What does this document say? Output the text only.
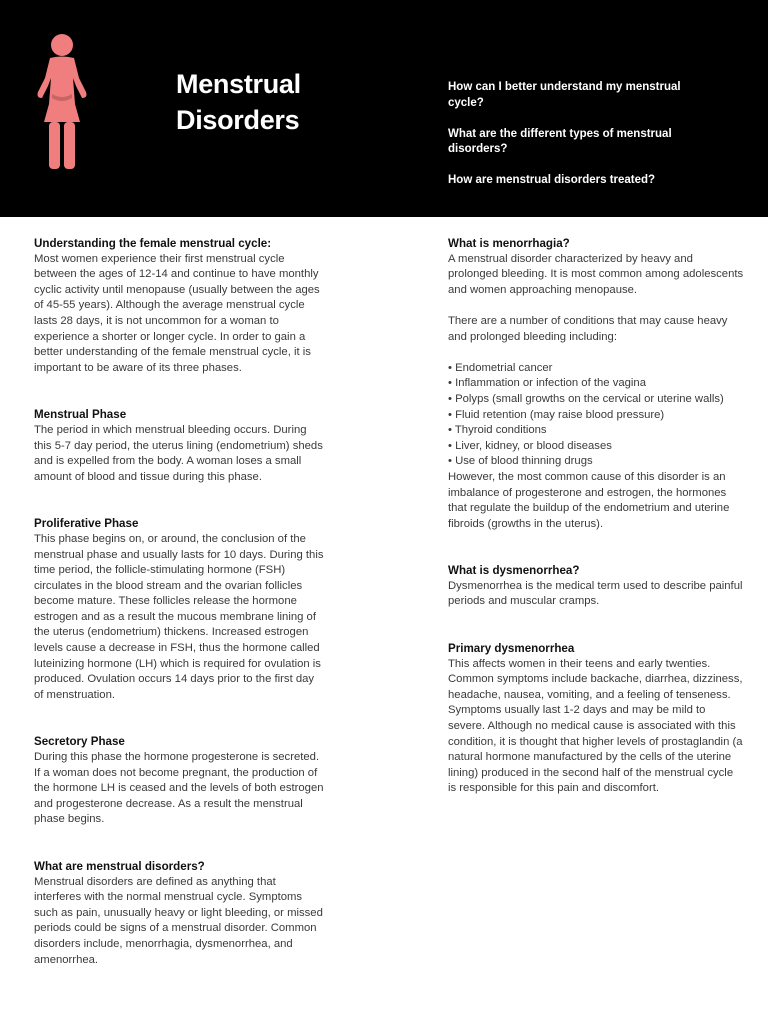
Menstrual
Disorders

How can I better understand my menstrual cycle?

What are the different types of menstrual disorders?

How are menstrual disorders treated?

Understanding the female menstrual cycle:

Most women experience their first menstrual cycle between the ages of 12-14 and continue to have monthly cyclic activity until menopause (usually between the ages of 45-55 years). Although the average menstrual cycle lasts 28 days, it is not uncommon for a woman to experience a shorter or longer cycle. In order to gain a better understanding of the female menstrual cycle, it is important to be aware of its three phases.

Menstrual Phase

The period in which menstrual bleeding occurs. During this 5-7 day period, the uterus lining (endometrium) sheds and is expelled from the body. A woman loses a small amount of blood and tissue during this phase.

Proliferative Phase

This phase begins on, or around, the conclusion of the menstrual phase and usually lasts for 10 days. During this time period, the follicle-stimulating hormone (FSH) circulates in the blood stream and the ovarian follicles become mature. These follicles release the hormone estrogen and as a result the mucous membrane lining of the uterus (endometrium) thickens. Increased estrogen levels cause a decrease in FSH, thus the hormone called luteinizing hormone (LH) which is required for ovulation is produced. Ovulation occurs 14 days prior to the first day of menstruation.

Secretory Phase

During this phase the hormone progesterone is secreted. If a woman does not become pregnant, the production of the hormone LH is ceased and the levels of both estrogen and progesterone decrease. As a result the menstrual phase begins.

What are menstrual disorders?

Menstrual disorders are defined as anything that interferes with the normal menstrual cycle. Symptoms such as pain, unusually heavy or light bleeding, or missed periods could be signs of a menstrual disorder. Common disorders include, menorrhagia, dysmenorrhea, and amenorrhea.

What is menorrhagia?

A menstrual disorder characterized by heavy and prolonged bleeding. It is most common among adolescents and women approaching menopause.

There are a number of conditions that may cause heavy and prolonged bleeding including:

• Endometrial cancer
• Inflammation or infection of the vagina
• Polyps (small growths on the cervical or uterine walls)
• Fluid retention (may raise blood pressure)
• Thyroid conditions
• Liver, kidney, or blood diseases
• Use of blood thinning drugs

However, the most common cause of this disorder is an imbalance of progesterone and estrogen, the hormones that regulate the buildup of the endometrium and uterine fibroids (growths in the uterus).

What is dysmenorrhea?

Dysmenorrhea is the medical term used to describe painful periods and muscular cramps.

Primary dysmenorrhea

This affects women in their teens and early twenties. Common symptoms include backache, diarrhea, dizziness, headache, nausea, vomiting, and a feeling of tenseness. Symptoms usually last 1-2 days and may be mild to severe. Although no medical cause is associated with this condition, it is thought that higher levels of prostaglandin (a natural hormone manufactured by the cells of the uterine lining) produced in the second half of the menstrual cycle is responsible for this pain and discomfort.
